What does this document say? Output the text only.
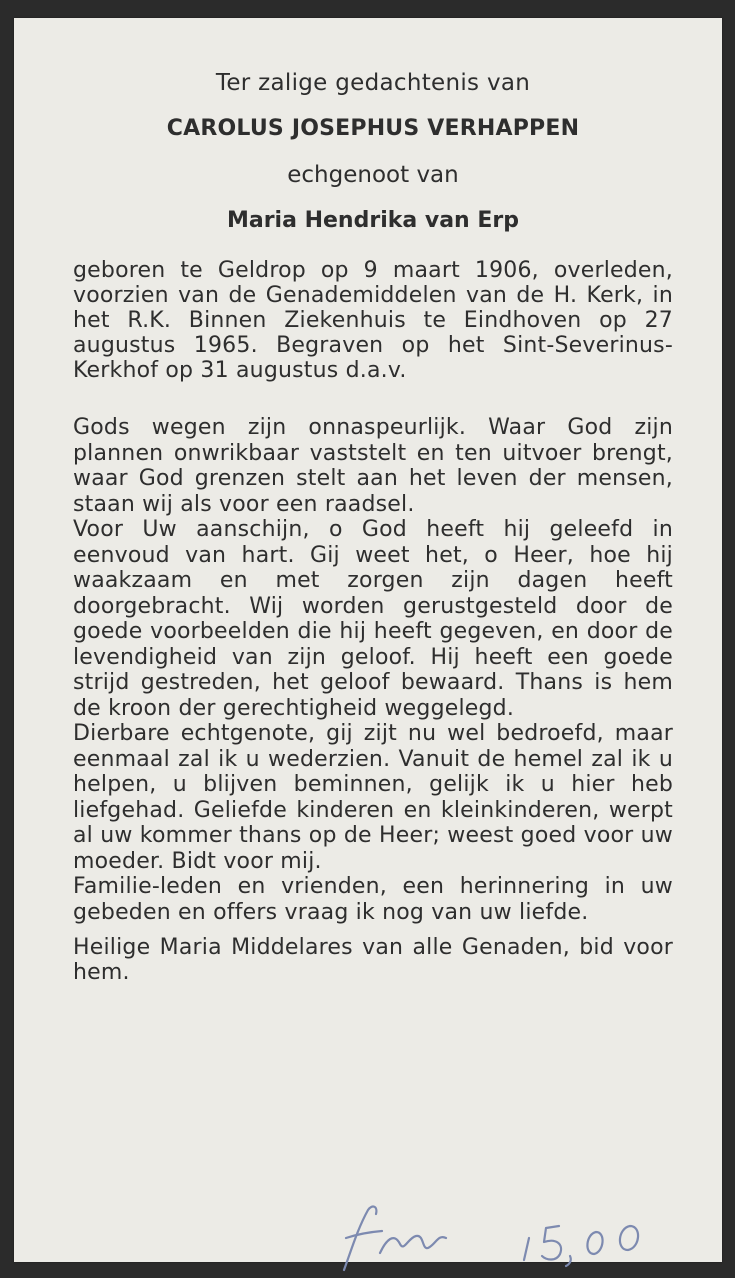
Ter zalige gedachtenis van

CAROLUS JOSEPHUS VERHAPPEN

echgenoot van

Maria Hendrika van Erp

geboren te Geldrop op 9 maart 1906, overleden, voorzien van de Genademiddelen van de H. Kerk, in het R.K. Binnen Ziekenhuis te Eindhoven op 27 augustus 1965. Begraven op het Sint-Severinus-Kerkhof op 31 augustus d.a.v.

Gods wegen zijn onnaspeurlijk. Waar God zijn plannen onwrikbaar vaststelt en ten uitvoer brengt, waar God grenzen stelt aan het leven der mensen, staan wij als voor een raadsel.

Voor Uw aanschijn, o God heeft hij geleefd in eenvoud van hart. Gij weet het, o Heer, hoe hij waakzaam en met zorgen zijn dagen heeft doorgebracht. Wij worden gerustgesteld door de goede voorbeelden die hij heeft gegeven, en door de levendigheid van zijn geloof. Hij heeft een goede strijd gestreden, het geloof bewaard. Thans is hem de kroon der gerechtigheid weggelegd.

Dierbare echtgenote, gij zijt nu wel bedroefd, maar eenmaal zal ik u wederzien. Vanuit de hemel zal ik u helpen, u blijven beminnen, gelijk ik u hier heb liefgehad. Geliefde kinderen en kleinkinderen, werpt al uw kommer thans op de Heer; weest goed voor uw moeder. Bidt voor mij.

Familie-leden en vrienden, een herinnering in uw gebeden en offers vraag ik nog van uw liefde.

Heilige Maria Middelares van alle Genaden, bid voor hem.
